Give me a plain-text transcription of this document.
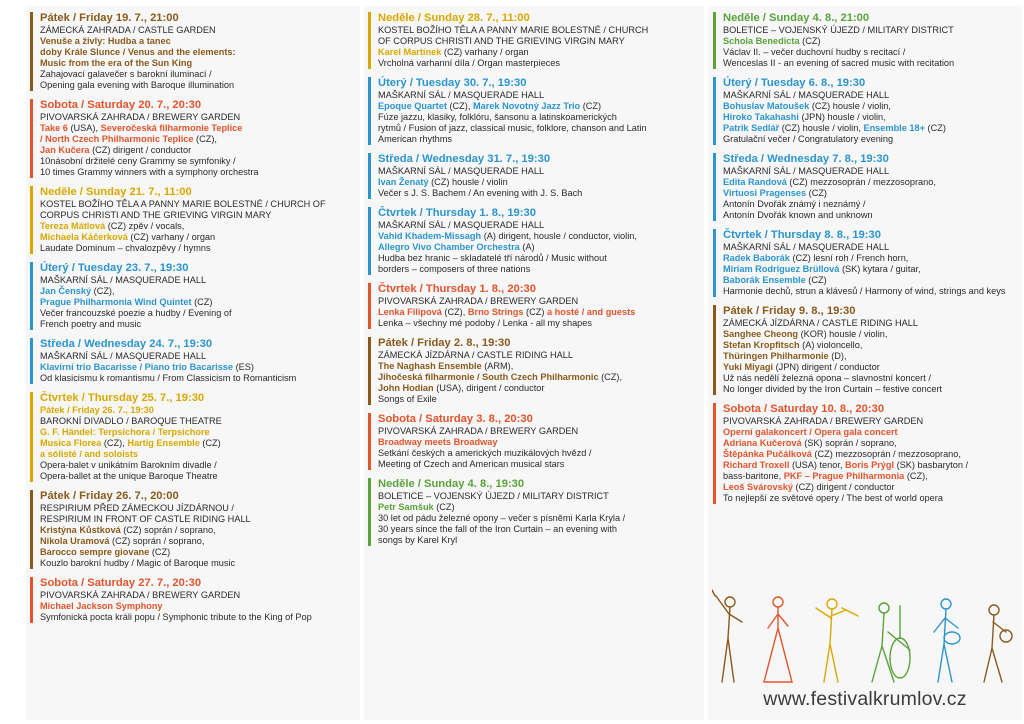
Pátek / Friday 19. 7., 21:00
ZÁMECKÁ ZAHRADA / CASTLE GARDEN
Venuše a živly: Hudba a tanec
doby Krále Slunce / Venus and the elements:
Music from the era of the Sun King
Zahajovací galavečer s barokní iluminací /
Opening gala evening with Baroque illumination
Sobota / Saturday 20. 7., 20:30
PIVOVARSKÁ ZAHRADA / BREWERY GARDEN
Take 6 (USA), Severočeská filharmonie Teplice
/ North Czech Philharmonic Teplice (CZ),
Jan Kučera (CZ) dirigent / conductor
10násobní držitelé ceny Grammy se symfoniky /
10 times Grammy winners with a symphony orchestra
Neděle / Sunday 21. 7., 11:00
KOSTEL BOŽÍHO TĚLA A PANNY MARIE BOLESTNÉ / CHURCH OF
CORPUS CHRISTI AND THE GRIEVING VIRGIN MARY
Tereza Mátlová (CZ) zpěv / vocals,
Michaela Káčerková (CZ) varhany / organ
Laudate Dominum – chvalozpěvy / hymns
Úterý / Tuesday 23. 7., 19:30
MAŠKARNÍ SÁL / MASQUERADE HALL
Jan Čenský (CZ),
Prague Philharmonia Wind Quintet (CZ)
Večer francouzské poezie a hudby / Evening of
French poetry and music
Středa / Wednesday 24. 7., 19:30
MAŠKARNÍ SÁL / MASQUERADE HALL
Klavírní trio Bacarisse / Piano trio Bacarisse (ES)
Od klasicismu k romantismu / From Classicism to Romanticism
Čtvrtek / Thursday 25. 7., 19:30
Pátek / Friday 26. 7., 19:30
BAROKNÍ DIVADLO / BAROQUE THEATRE
G. F. Händel: Terpsichora / Terpsichore
Musica Florea (CZ), Hartig Ensemble (CZ)
a sólisté / and soloists
Opera-balet v unikátním Barokním divadle /
Opera-ballet at the unique Baroque Theatre
Pátek / Friday 26. 7., 20:00
RESPIRIUM PŘED ZÁMECKOU JÍZDÁRNOU /
RESPIRIUM IN FRONT OF CASTLE RIDING HALL
Kristýna Kůstková (CZ) soprán / soprano,
Nikola Uramová (CZ) soprán / soprano,
Barocco sempre giovane (CZ)
Kouzlo barokní hudby / Magic of Baroque music
Sobota / Saturday 27. 7., 20:30
PIVOVARSKÁ ZAHRADA / BREWERY GARDEN
Michael Jackson Symphony
Symfonická pocta králi popu / Symphonic tribute to the King of Pop
Neděle / Sunday 28. 7., 11:00
KOSTEL BOŽÍHO TĚLA A PANNY MARIE BOLESTNÉ / CHURCH
OF CORPUS CHRISTI AND THE GRIEVING VIRGIN MARY
Karel Martínek (CZ) varhany / organ
Vrcholná varhanní díla / Organ masterpieces
Úterý / Tuesday 30. 7., 19:30
MAŠKARNÍ SÁL / MASQUERADE HALL
Epoque Quartet (CZ), Marek Novotný Jazz Trio (CZ)
Fúze jazzu, klasiky, folklóru, šansonu a latinskoamerických
rytmů / Fusion of jazz, classical music, folklore, chanson and Latin
American rhythms
Středa / Wednesday 31. 7., 19:30
MAŠKARNÍ SÁL / MASQUERADE HALL
Ivan Ženatý (CZ) housle / violin
Večer s J. S. Bachem / An evening with J. S. Bach
Čtvrtek / Thursday 1. 8., 19:30
MAŠKARNÍ SÁL / MASQUERADE HALL
Vahid Khadem-Missagh (A) dirigent, housle / conductor, violin,
Allegro Vivo Chamber Orchestra (A)
Hudba bez hranic – skladatelé tří národů / Music without
borders – composers of three nations
Čtvrtek / Thursday 1. 8., 20:30
PIVOVARSKÁ ZAHRADA / BREWERY GARDEN
Lenka Filipová (CZ), Brno Strings (CZ) a hosté / and guests
Lenka – všechny mé podoby / Lenka - all my shapes
Pátek / Friday 2. 8., 19:30
ZÁMECKÁ JÍZDÁRNA / CASTLE RIDING HALL
The Naghash Ensemble (ARM),
Jihočeská filharmonie / South Czech Philharmonic (CZ),
John Hodian (USA), dirigent / conductor
Songs of Exile
Sobota / Saturday 3. 8., 20:30
PIVOVARSKÁ ZAHRADA / BREWERY GARDEN
Broadway meets Broadway
Setkání českých a amerických muzikálových hvězd /
Meeting of Czech and American musical stars
Neděle / Sunday 4. 8., 19:30
BOLETICE – VOJENSKÝ ÚJEZD / MILITARY DISTRICT
Petr Samšuk (CZ)
30 let od pádu železné opony – večer s písněmi Karla Kryla /
30 years since the fall of the Iron Curtain – an evening with
songs by Karel Kryl
Neděle / Sunday 4. 8., 21:00
BOLETICE – VOJENSKÝ ÚJEZD / MILITARY DISTRICT
Schola Benedicta (CZ)
Václav II. – večer duchovní hudby s recitací /
Wenceslas II - an evening of sacred music with recitation
Úterý / Tuesday 6. 8., 19:30
MAŠKARNÍ SÁL / MASQUERADE HALL
Bohuslav Matoušek (CZ) housle / violin,
Hiroko Takahashi (JPN) housle / violin,
Patrik Sedlář (CZ) housle / violin, Ensemble 18+ (CZ)
Gratulační večer / Congratulatory evening
Středa / Wednesday 7. 8., 19:30
MAŠKARNÍ SÁL / MASQUERADE HALL
Edita Randová (CZ) mezzosoprán / mezzosoprano,
Virtuosi Pragenses (CZ)
Antonín Dvořák známý i neznámý /
Antonín Dvořák known and unknown
Čtvrtek / Thursday 8. 8., 19:30
MAŠKARNÍ SÁL / MASQUERADE HALL
Radek Baborák (CZ) lesní roh / French horn,
Miriam Rodriguez Brüllová (SK) kytara / guitar,
Baborák Ensemble (CZ)
Harmonie dechů, strun a klávesů / Harmony of wind, strings and keys
Pátek / Friday 9. 8., 19:30
ZÁMECKÁ JÍZDÁRNA / CASTLE RIDING HALL
Sanghee Cheong (KOR) housle / violin,
Stefan Kropfitsch (A) violoncello,
Thüringen Philharmonie (D),
Yuki Miyagi (JPN) dirigent / conductor
Už nás nedělí železná opona – slavnostní koncert /
No longer divided by the Iron Curtain – festive concert
Sobota / Saturday 10. 8., 20:30
PIVOVARSKÁ ZAHRADA / BREWERY GARDEN
Operní galakoncert / Opera gala concert
Adriana Kučerová (SK) soprán / soprano,
Štěpánka Pučálková (CZ) mezzosoprán / mezzosoprano,
Richard Troxell (USA) tenor, Boris Prýgl (SK) basbaryton /
bass-baritone, PKF – Prague Philharmonia (CZ),
Leoš Svárovský (CZ) dirigent / conductor
To nejlepší ze světové opery / The best of world opera
www.festivalkrumlov.cz
